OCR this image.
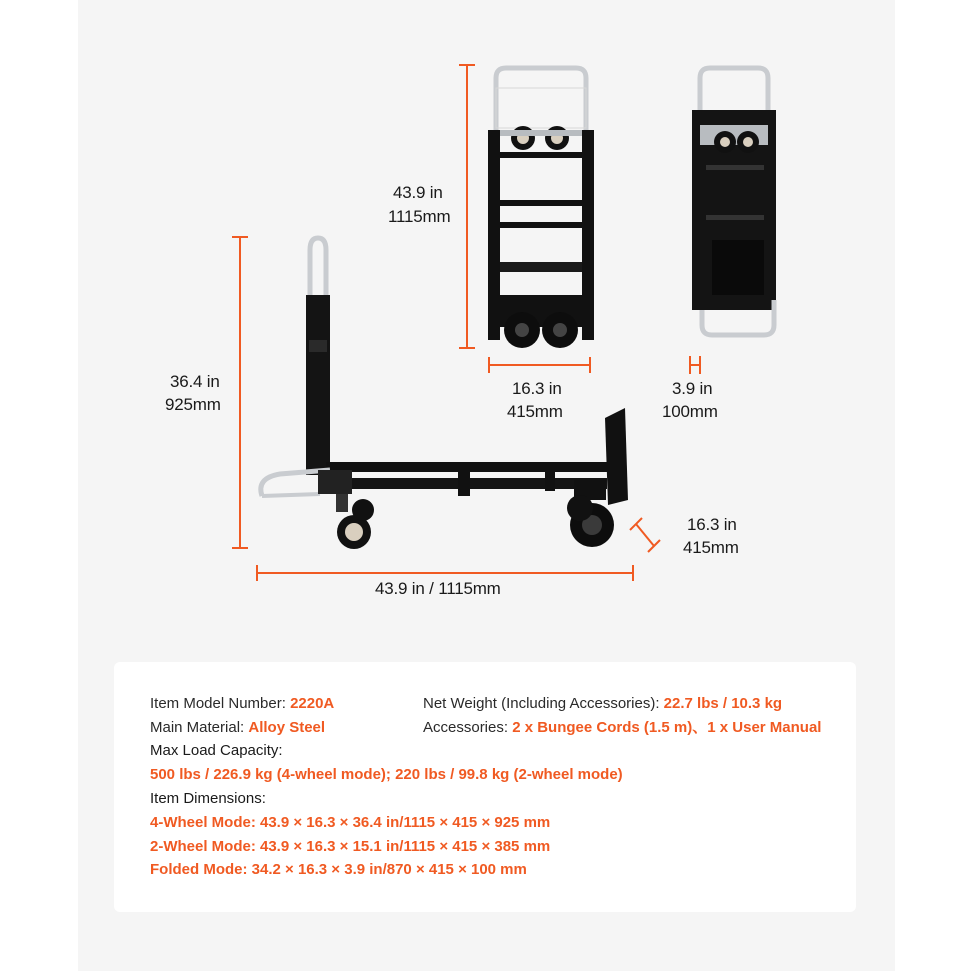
36.4 in
925mm
43.9 in / 1115mm
16.3 in
415mm
43.9 in
1115mm
16.3 in
415mm
3.9 in
100mm
Item Model Number: 2220A	Net Weight (Including Accessories): 22.7 lbs / 10.3 kg
Main Material: Alloy Steel	Accessories: 2 x Bungee Cords (1.5 m)、1 x User Manual
Max Load Capacity:
500 lbs / 226.9 kg (4-wheel mode); 220 lbs / 99.8 kg (2-wheel mode)
Item Dimensions:
4-Wheel Mode: 43.9 × 16.3 × 36.4 in/1115 × 415 × 925 mm
2-Wheel Mode: 43.9 × 16.3 × 15.1 in/1115 × 415 × 385 mm
Folded Mode: 34.2 × 16.3 × 3.9 in/870 × 415 × 100 mm
